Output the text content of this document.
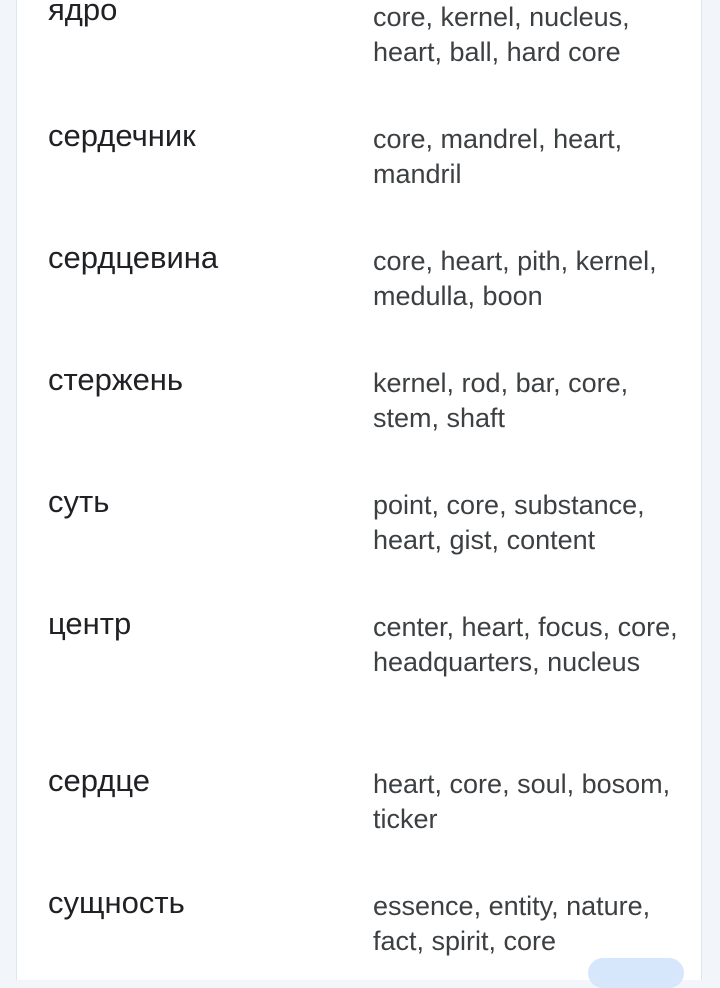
ядро	core, kernel, nucleus, heart, ball, hard core
сердечник	core, mandrel, heart, mandril
сердцевина	core, heart, pith, kernel, medulla, boon
стержень	kernel, rod, bar, core, stem, shaft
суть	point, core, substance, heart, gist, content
центр	center, heart, focus, core, headquarters, nucleus
сердце	heart, core, soul, bosom, ticker
сущность	essence, entity, nature, fact, spirit, core
